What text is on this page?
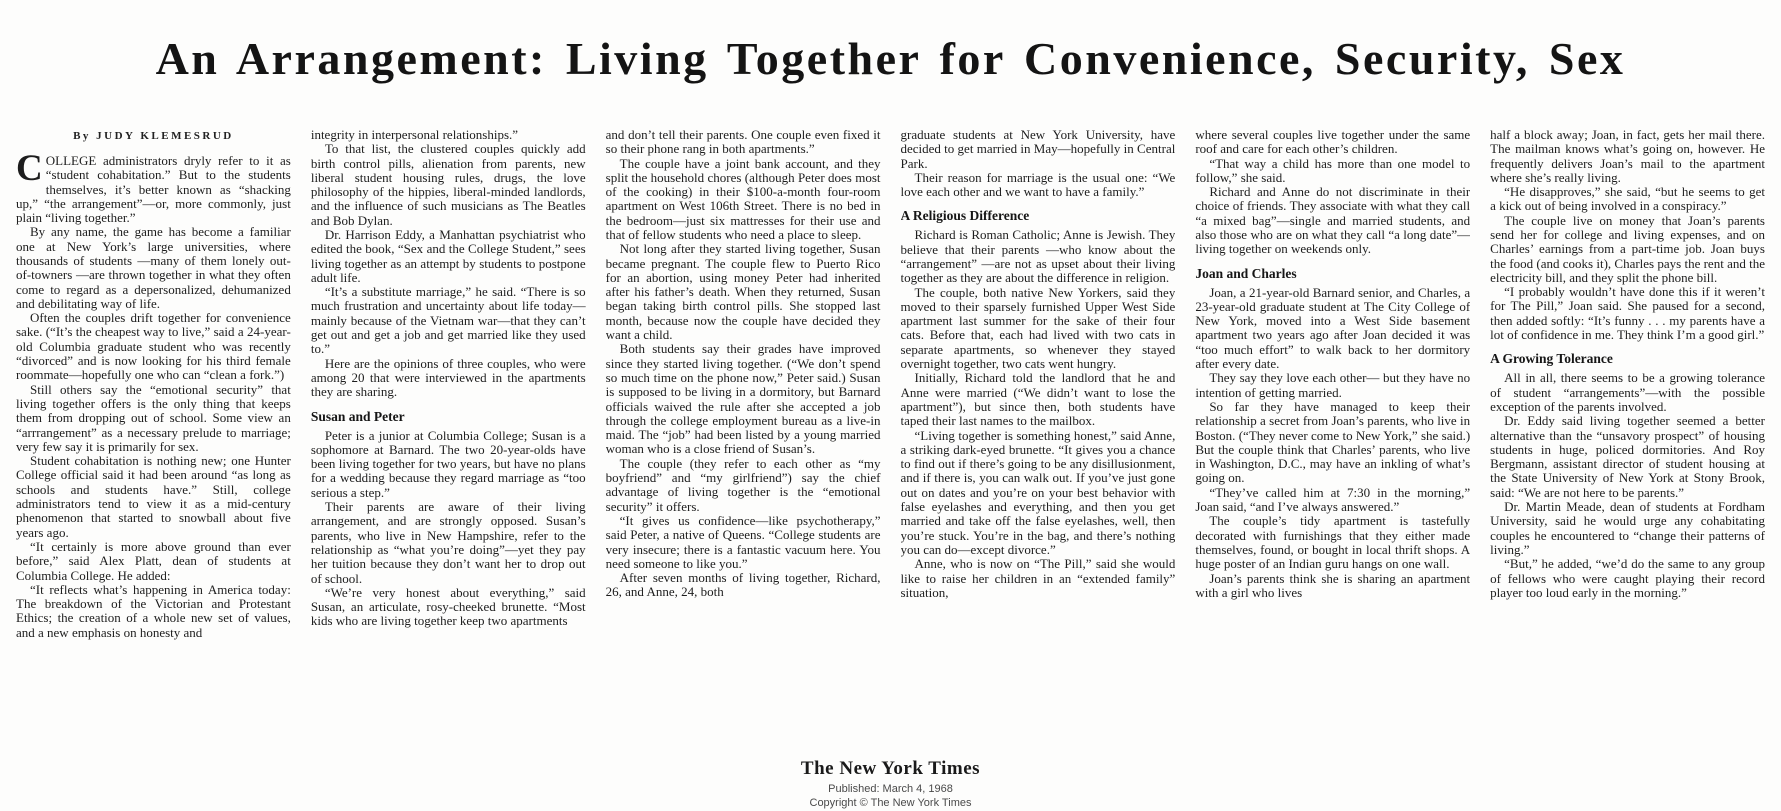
An Arrangement: Living Together for Convenience, Security, Sex
By JUDY KLEMESRUD

COLLEGE administrators dryly refer to it as “student cohabitation.” But to the students themselves, it’s better known as “shacking up,” “the arrangement”—or, more commonly, just plain “living together.”

By any name, the game has become a familiar one at New York’s large universities, where thousands of students —many of them lonely out-of-towners —are thrown together in what they often come to regard as a depersonalized, dehumanized and debilitating way of life.

Often the couples drift together for convenience sake. (“It’s the cheapest way to live,” said a 24-year-old Columbia graduate student who was recently “divorced” and is now looking for his third female roommate—hopefully one who can “clean a fork.”)

Still others say the “emotional security” that living together offers is the only thing that keeps them from dropping out of school. Some view an “arrrangement” as a necessary prelude to marriage; very few say it is primarily for sex.

Student cohabitation is nothing new; one Hunter College official said it had been around “as long as schools and students have.” Still, college administrators tend to view it as a mid-century phenomenon that started to snowball about five years ago.

“It certainly is more above ground than ever before,” said Alex Platt, dean of students at Columbia College. He added:

“It reflects what’s happening in America today: The breakdown of the Victorian and Protestant Ethics; the creation of a whole new set of values, and a new emphasis on honesty and

integrity in interpersonal relationships.”

To that list, the clustered couples quickly add birth control pills, alienation from parents, new liberal student housing rules, drugs, the love philosophy of the hippies, liberal-minded landlords, and the influence of such musicians as The Beatles and Bob Dylan.

Dr. Harrison Eddy, a Manhattan psychiatrist who edited the book, “Sex and the College Student,” sees living together as an attempt by students to postpone adult life.

“It’s a substitute marriage,” he said. “There is so much frustration and uncertainty about life today—mainly because of the Vietnam war—that they can’t get out and get a job and get married like they used to.”

Here are the opinions of three couples, who were among 20 that were interviewed in the apartments they are sharing.

Susan and Peter

Peter is a junior at Columbia College; Susan is a sophomore at Barnard. The two 20-year-olds have been living together for two years, but have no plans for a wedding because they regard marriage as “too serious a step.”

Their parents are aware of their living arrangement, and are strongly opposed. Susan’s parents, who live in New Hampshire, refer to the relationship as “what you’re doing”—yet they pay her tuition because they don’t want her to drop out of school.

“We’re very honest about everything,” said Susan, an articulate, rosy-cheeked brunette. “Most kids who are living together keep two apartments

and don’t tell their parents. One couple even fixed it so their phone rang in both apartments.”

The couple have a joint bank account, and they split the household chores (although Peter does most of the cooking) in their $100-a-month four-room apartment on West 106th Street. There is no bed in the bedroom—just six mattresses for their use and that of fellow students who need a place to sleep.

Not long after they started living together, Susan became pregnant. The couple flew to Puerto Rico for an abortion, using money Peter had inherited after his father’s death. When they returned, Susan began taking birth control pills. She stopped last month, because now the couple have decided they want a child.

Both students say their grades have improved since they started living together. (“We don’t spend so much time on the phone now,” Peter said.) Susan is supposed to be living in a dormitory, but Barnard officials waived the rule after she accepted a job through the college employment bureau as a live-in maid. The “job” had been listed by a young married woman who is a close friend of Susan’s.

The couple (they refer to each other as “my boyfriend” and “my girlfriend”) say the chief advantage of living together is the “emotional security” it offers.

“It gives us confidence—like psychotherapy,” said Peter, a native of Queens. “College students are very insecure; there is a fantastic vacuum here. You need someone to like you.”

After seven months of living together, Richard, 26, and Anne, 24, both

graduate students at New York University, have decided to get married in May—hopefully in Central Park.

Their reason for marriage is the usual one: “We love each other and we want to have a family.”

A Religious Difference

Richard is Roman Catholic; Anne is Jewish. They believe that their parents —who know about the “arrangement” —are not as upset about their living together as they are about the difference in religion.

The couple, both native New Yorkers, said they moved to their sparsely furnished Upper West Side apartment last summer for the sake of their four cats. Before that, each had lived with two cats in separate apartments, so whenever they stayed overnight together, two cats went hungry.

Initially, Richard told the landlord that he and Anne were married (“We didn’t want to lose the apartment”), but since then, both students have taped their last names to the mailbox.

“Living together is something honest,” said Anne, a striking dark-eyed brunette. “It gives you a chance to find out if there’s going to be any disillusionment, and if there is, you can walk out. If you’ve just gone out on dates and you’re on your best behavior with false eyelashes and everything, and then you get married and take off the false eyelashes, well, then you’re stuck. You’re in the bag, and there’s nothing you can do—except divorce.”

Anne, who is now on “The Pill,” said she would like to raise her children in an “extended family” situation,

where several couples live together under the same roof and care for each other’s children.

“That way a child has more than one model to follow,” she said.

Richard and Anne do not discriminate in their choice of friends. They associate with what they call “a mixed bag”—single and married students, and also those who are on what they call “a long date”—living together on weekends only.

Joan and Charles

Joan, a 21-year-old Barnard senior, and Charles, a 23-year-old graduate student at The City College of New York, moved into a West Side basement apartment two years ago after Joan decided it was “too much effort” to walk back to her dormitory after every date.

They say they love each other— but they have no intention of getting married.

So far they have managed to keep their relationship a secret from Joan’s parents, who live in Boston. (“They never come to New York,” she said.) But the couple think that Charles’ parents, who live in Washington, D.C., may have an inkling of what’s going on.

“They’ve called him at 7:30 in the morning,” Joan said, “and I’ve always answered.”

The couple’s tidy apartment is tastefully decorated with furnishings that they either made themselves, found, or bought in local thrift shops. A huge poster of an Indian guru hangs on one wall.

Joan’s parents think she is sharing an apartment with a girl who lives

half a block away; Joan, in fact, gets her mail there. The mailman knows what’s going on, however. He frequently delivers Joan’s mail to the apartment where she’s really living.

“He disapproves,” she said, “but he seems to get a kick out of being involved in a conspiracy.”

The couple live on money that Joan’s parents send her for college and living expenses, and on Charles’ earnings from a part-time job. Joan buys the food (and cooks it), Charles pays the rent and the electricity bill, and they split the phone bill.

“I probably wouldn’t have done this if it weren’t for The Pill,” Joan said. She paused for a second, then added softly: “It’s funny . . . my parents have a lot of confidence in me. They think I’m a good girl.”

A Growing Tolerance

All in all, there seems to be a growing tolerance of student “arrangements”—with the possible exception of the parents involved.

Dr. Eddy said living together seemed a better alternative than the “unsavory prospect” of housing students in huge, policed dormitories. And Roy Bergmann, assistant director of student housing at the State University of New York at Stony Brook, said: “We are not here to be parents.”

Dr. Martin Meade, dean of students at Fordham University, said he would urge any cohabitating couples he encountered to “change their patterns of living.”

“But,” he added, “we’d do the same to any group of fellows who were caught playing their record player too loud early in the morning.”

The New York Times
Published: March 4, 1968
Copyright © The New York Times
